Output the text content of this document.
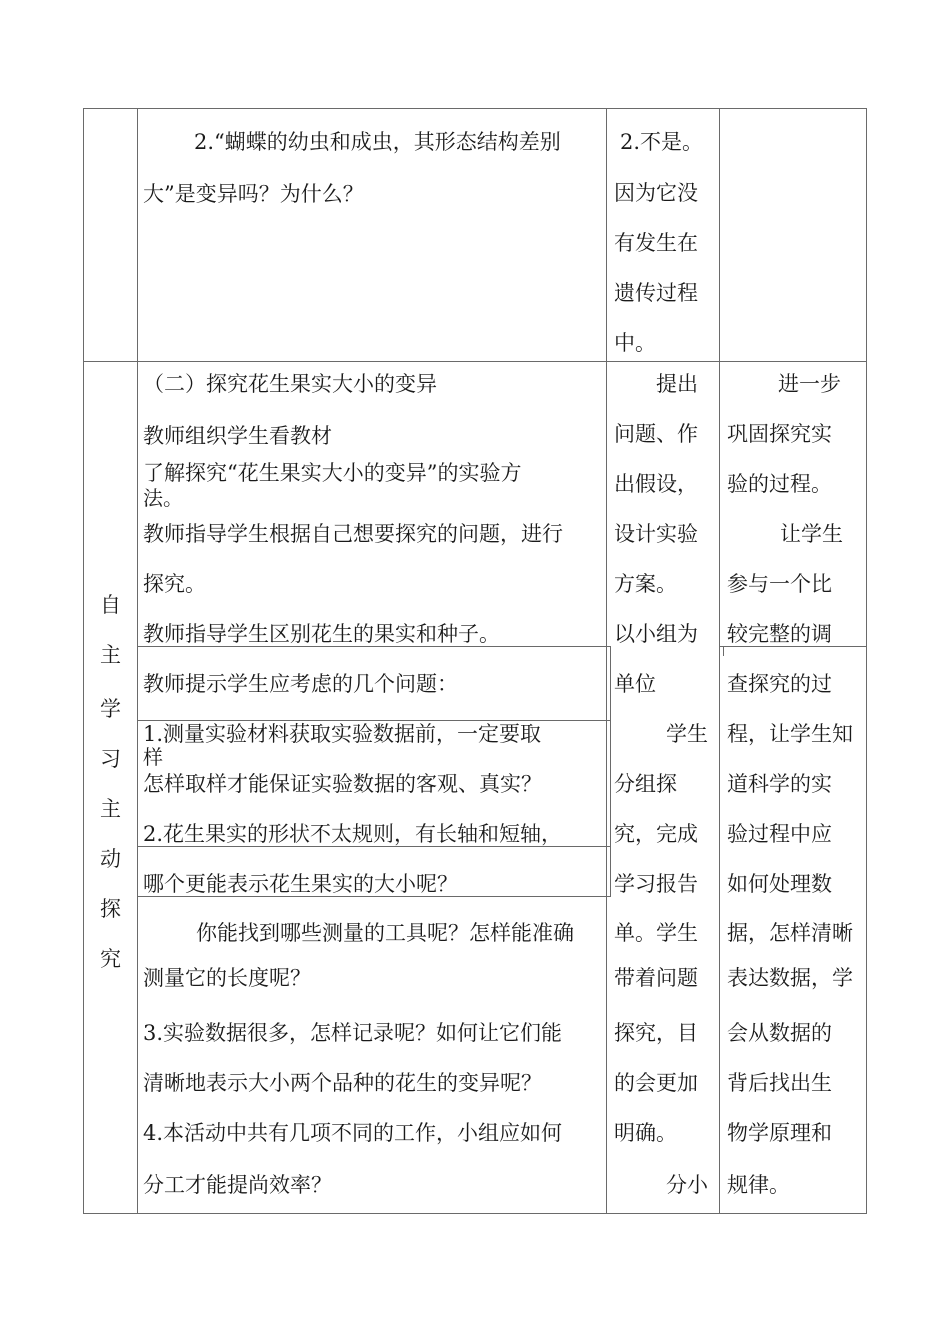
2.“蝴蝶的幼虫和成虫，其形态结构差别
大”是变异吗？为什么？
2.不是。
因为它没
有发生在
遗传过程
中。
自
主
学
习
主
动
探
究
（二）探究花生果实大小的变异
教师组织学生看教材
了解探究“花生果实大小的变异”的实验方
法。
教师指导学生根据自己想要探究的问题，进行
探究。
教师指导学生区别花生的果实和种子。
教师提示学生应考虑的几个问题：
1.测量实验材料获取实验数据前，一定要取
样
怎样取样才能保证实验数据的客观、真实？
2.花生果实的形状不太规则，有长轴和短轴，
哪个更能表示花生果实的大小呢？
你能找到哪些测量的工具呢？怎样能准确
测量它的长度呢？
3.实验数据很多，怎样记录呢？如何让它们能
清晰地表示大小两个品种的花生的变异呢？
4.本活动中共有几项不同的工作，小组应如何
分工才能提尚效率？
提出
问题、作
出假设，
设计实验
方案。
以小组为
单位
学生
分组探
究，完成
学习报告
单。学生
带着问题
探究，目
的会更加
明确。
分小
进一步
巩固探究实
验的过程。
让学生
参与一个比
较完整的调
查探究的过
程，让学生知
道科学的实
验过程中应
如何处理数
据，怎样清晰
表达数据，学
会从数据的
背后找出生
物学原理和
规律。
